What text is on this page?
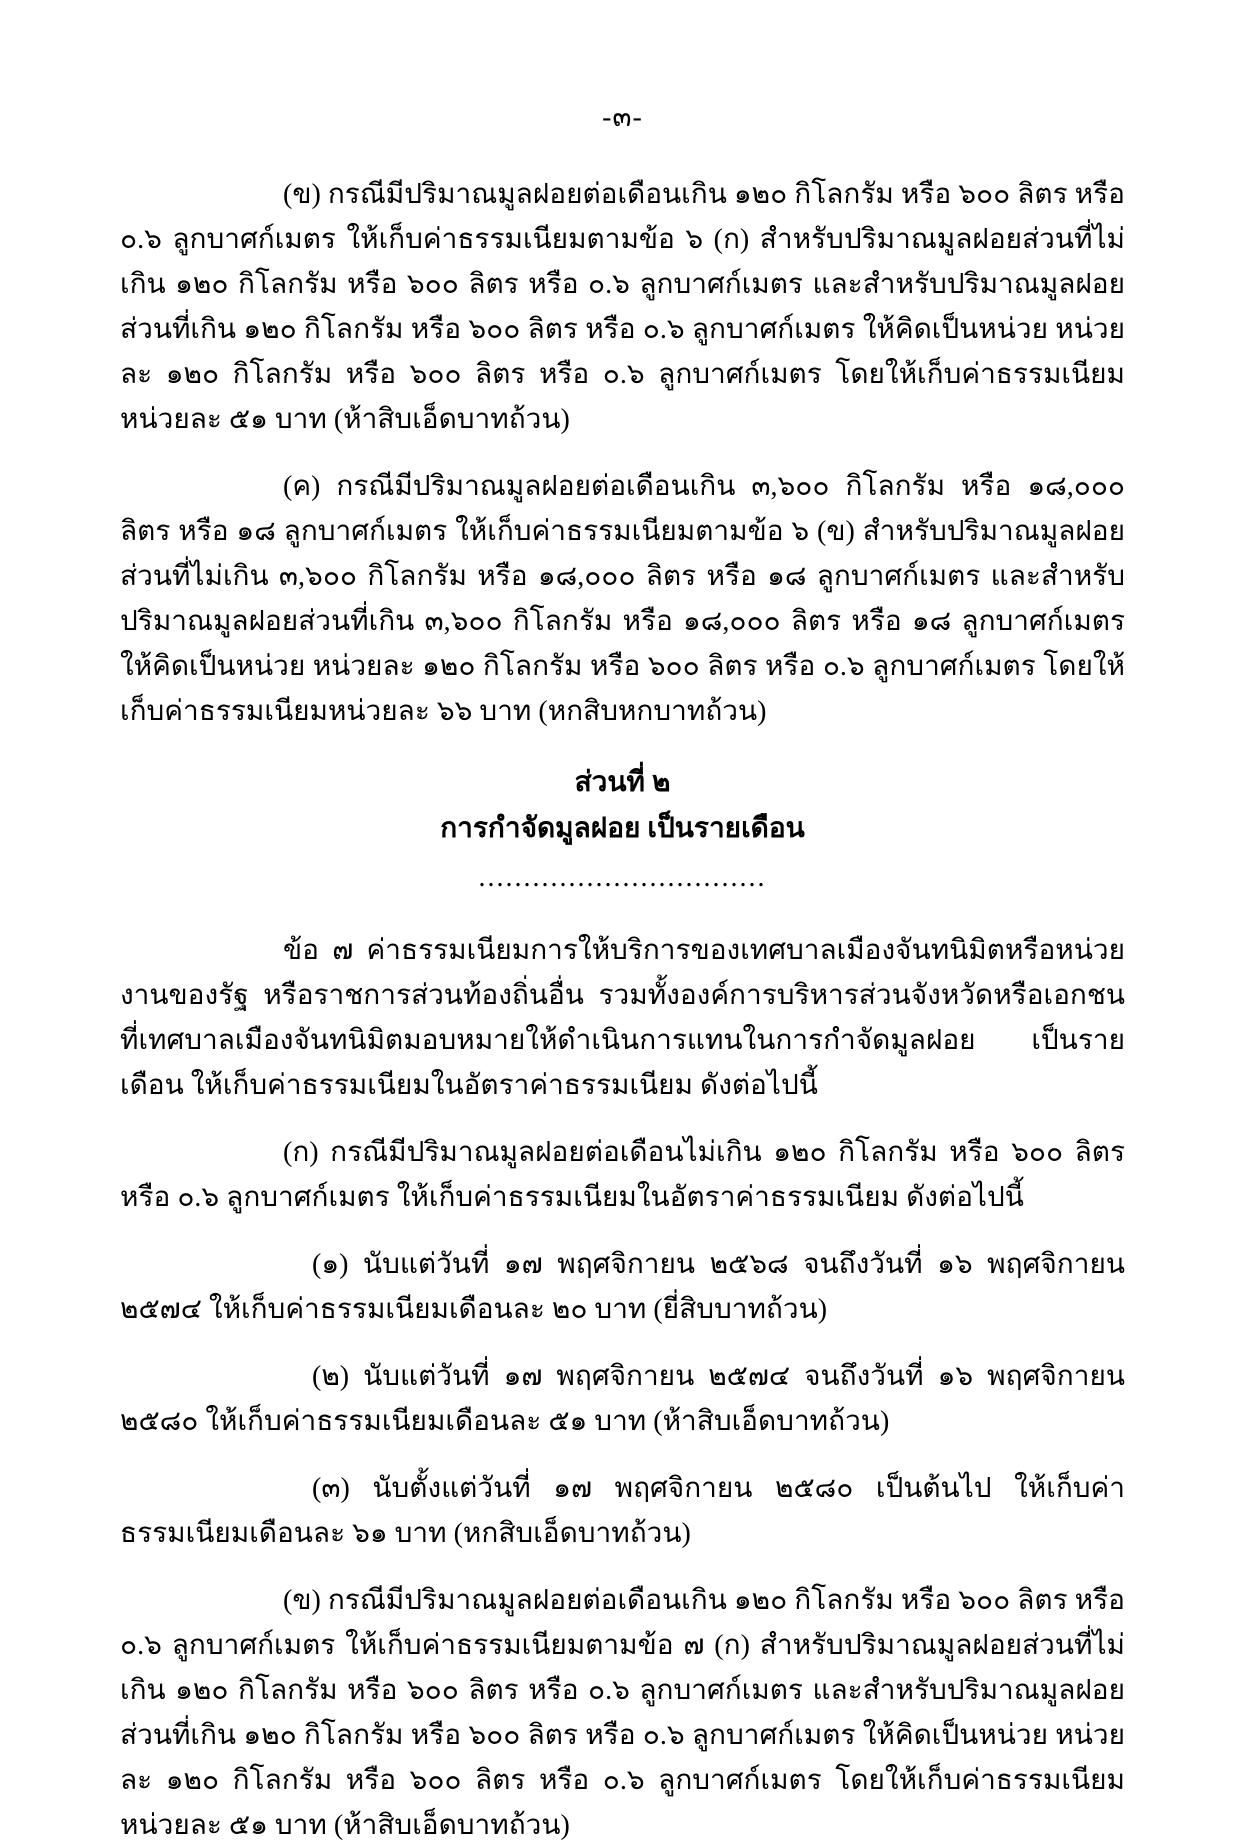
-๓-

(ข) กรณีมีปริมาณมูลฝอยต่อเดือนเกิน ๑๒๐ กิโลกรัม หรือ ๖๐๐ ลิตร หรือ ๐.๖ ลูกบาศก์เมตร ให้เก็บค่าธรรมเนียมตามข้อ ๖ (ก) สำหรับปริมาณมูลฝอยส่วนที่ไม่เกิน ๑๒๐ กิโลกรัม หรือ ๖๐๐ ลิตร หรือ ๐.๖ ลูกบาศก์เมตร และสำหรับปริมาณมูลฝอยส่วนที่เกิน ๑๒๐ กิโลกรัม หรือ ๖๐๐ ลิตร หรือ ๐.๖ ลูกบาศก์เมตร ให้คิดเป็นหน่วย หน่วยละ ๑๒๐ กิโลกรัม หรือ ๖๐๐ ลิตร หรือ ๐.๖ ลูกบาศก์เมตร โดยให้เก็บค่าธรรมเนียมหน่วยละ ๕๑ บาท (ห้าสิบเอ็ดบาทถ้วน)

(ค) กรณีมีปริมาณมูลฝอยต่อเดือนเกิน ๓,๖๐๐ กิโลกรัม หรือ ๑๘,๐๐๐ ลิตร หรือ ๑๘ ลูกบาศก์เมตร ให้เก็บค่าธรรมเนียมตามข้อ ๖ (ข) สำหรับปริมาณมูลฝอยส่วนที่ไม่เกิน ๓,๖๐๐ กิโลกรัม หรือ ๑๘,๐๐๐ ลิตร หรือ ๑๘ ลูกบาศก์เมตร และสำหรับปริมาณมูลฝอยส่วนที่เกิน ๓,๖๐๐ กิโลกรัม หรือ ๑๘,๐๐๐ ลิตร หรือ ๑๘ ลูกบาศก์เมตร ให้คิดเป็นหน่วย หน่วยละ ๑๒๐ กิโลกรัม หรือ ๖๐๐ ลิตร หรือ ๐.๖ ลูกบาศก์เมตร โดยให้เก็บค่าธรรมเนียมหน่วยละ ๖๖ บาท (หกสิบหกบาทถ้วน)

ส่วนที่ ๒
การกำจัดมูลฝอย เป็นรายเดือน
................................

ข้อ ๗ ค่าธรรมเนียมการให้บริการของเทศบาลเมืองจันทนิมิตหรือหน่วยงานของรัฐ หรือราชการส่วนท้องถิ่นอื่น รวมทั้งองค์การบริหารส่วนจังหวัดหรือเอกชนที่เทศบาลเมืองจันทนิมิตมอบหมายให้ดำเนินการแทนในการกำจัดมูลฝอย เป็นรายเดือน ให้เก็บค่าธรรมเนียมในอัตราค่าธรรมเนียม ดังต่อไปนี้

(ก) กรณีมีปริมาณมูลฝอยต่อเดือนไม่เกิน ๑๒๐ กิโลกรัม หรือ ๖๐๐ ลิตร หรือ ๐.๖ ลูกบาศก์เมตร ให้เก็บค่าธรรมเนียมในอัตราค่าธรรมเนียม ดังต่อไปนี้

(๑) นับแต่วันที่ ๑๗ พฤศจิกายน ๒๕๖๘ จนถึงวันที่ ๑๖ พฤศจิกายน ๒๕๗๔ ให้เก็บค่าธรรมเนียมเดือนละ ๒๐ บาท (ยี่สิบบาทถ้วน)

(๒) นับแต่วันที่ ๑๗ พฤศจิกายน ๒๕๗๔ จนถึงวันที่ ๑๖ พฤศจิกายน ๒๕๘๐ ให้เก็บค่าธรรมเนียมเดือนละ ๕๑ บาท (ห้าสิบเอ็ดบาทถ้วน)

(๓) นับตั้งแต่วันที่ ๑๗ พฤศจิกายน ๒๕๘๐ เป็นต้นไป ให้เก็บค่าธรรมเนียมเดือนละ ๖๑ บาท (หกสิบเอ็ดบาทถ้วน)

(ข) กรณีมีปริมาณมูลฝอยต่อเดือนเกิน ๑๒๐ กิโลกรัม หรือ ๖๐๐ ลิตร หรือ ๐.๖ ลูกบาศก์เมตร ให้เก็บค่าธรรมเนียมตามข้อ ๗ (ก) สำหรับปริมาณมูลฝอยส่วนที่ไม่เกิน ๑๒๐ กิโลกรัม หรือ ๖๐๐ ลิตร หรือ ๐.๖ ลูกบาศก์เมตร และสำหรับปริมาณมูลฝอยส่วนที่เกิน ๑๒๐ กิโลกรัม หรือ ๖๐๐ ลิตร หรือ ๐.๖ ลูกบาศก์เมตร ให้คิดเป็นหน่วย หน่วยละ ๑๒๐ กิโลกรัม หรือ ๖๐๐ ลิตร หรือ ๐.๖ ลูกบาศก์เมตร โดยให้เก็บค่าธรรมเนียมหน่วยละ ๕๑ บาท (ห้าสิบเอ็ดบาทถ้วน)
